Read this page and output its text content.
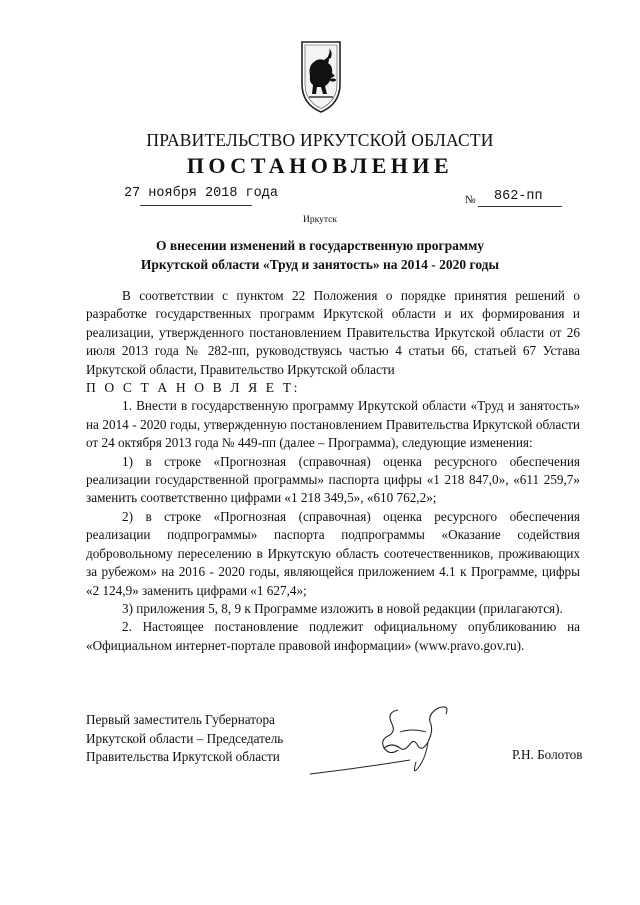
ПРАВИТЕЛЬСТВО ИРКУТСКОЙ ОБЛАСТИ
ПОСТАНОВЛЕНИЕ
27 ноября 2018 года	№ 862-пп
Иркутск
О внесении изменений в государственную программу
Иркутской области «Труд и занятость» на 2014 - 2020 годы

В соответствии с пунктом 22 Положения о порядке принятия решений о разработке государственных программ Иркутской области и их формирования и реализации, утвержденного постановлением Правительства Иркутской области от 26 июля 2013 года № 282-пп, руководствуясь частью 4 статьи 66, статьей 67 Устава Иркутской области, Правительство Иркутской области

П О С Т А Н О В Л Я Е Т:

1. Внести в государственную программу Иркутской области «Труд и занятость» на 2014 - 2020 годы, утвержденную постановлением Правительства Иркутской области от 24 октября 2013 года № 449-пп (далее – Программа), следующие изменения:

1) в строке «Прогнозная (справочная) оценка ресурсного обеспечения реализации государственной программы» паспорта цифры «1 218 847,0», «611 259,7» заменить соответственно цифрами «1 218 349,5», «610 762,2»;

2) в строке «Прогнозная (справочная) оценка ресурсного обеспечения реализации подпрограммы» паспорта подпрограммы «Оказание содействия добровольному переселению в Иркутскую область соотечественников, проживающих за рубежом» на 2016 - 2020 годы, являющейся приложением 4.1 к Программе, цифры «2 124,9» заменить цифрами «1 627,4»;

3) приложения 5, 8, 9 к Программе изложить в новой редакции (прилагаются).

2. Настоящее постановление подлежит официальному опубликованию на «Официальном интернет-портале правовой информации» (www.pravo.gov.ru).

Первый заместитель Губернатора
Иркутской области – Председатель
Правительства Иркутской области	Р.Н. Болотов
